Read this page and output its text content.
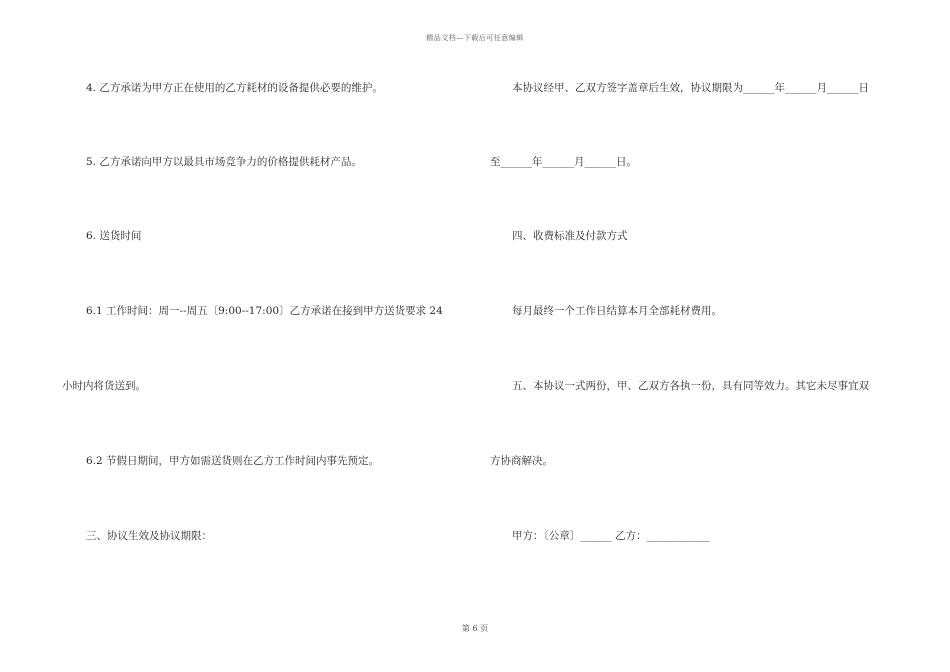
精品文档—下载后可任意编辑
4. 乙方承诺为甲方正在使用的乙方耗材的设备提供必要的维护。
5. 乙方承诺向甲方以最具市场竞争力的价格提供耗材产品。
6. 送货时间
6.1 工作时间：周一--周五〔9:00--17:00〕乙方承诺在接到甲方送货要求 24
小时内将货送到。
6.2 节假日期间，甲方如需送货则在乙方工作时间内事先预定。
三、协议生效及协议期限：
本协议经甲、乙双方签字盖章后生效，协议期限为______年______月______日
至______年______月______日。
四、收费标准及付款方式
每月最终一个工作日结算本月全部耗材费用。
五、本协议一式两份，甲、乙双方各执一份，具有同等效力。其它未尽事宜双
方协商解决。
甲方：〔公章〕______ 乙方：____________
第 6 页
